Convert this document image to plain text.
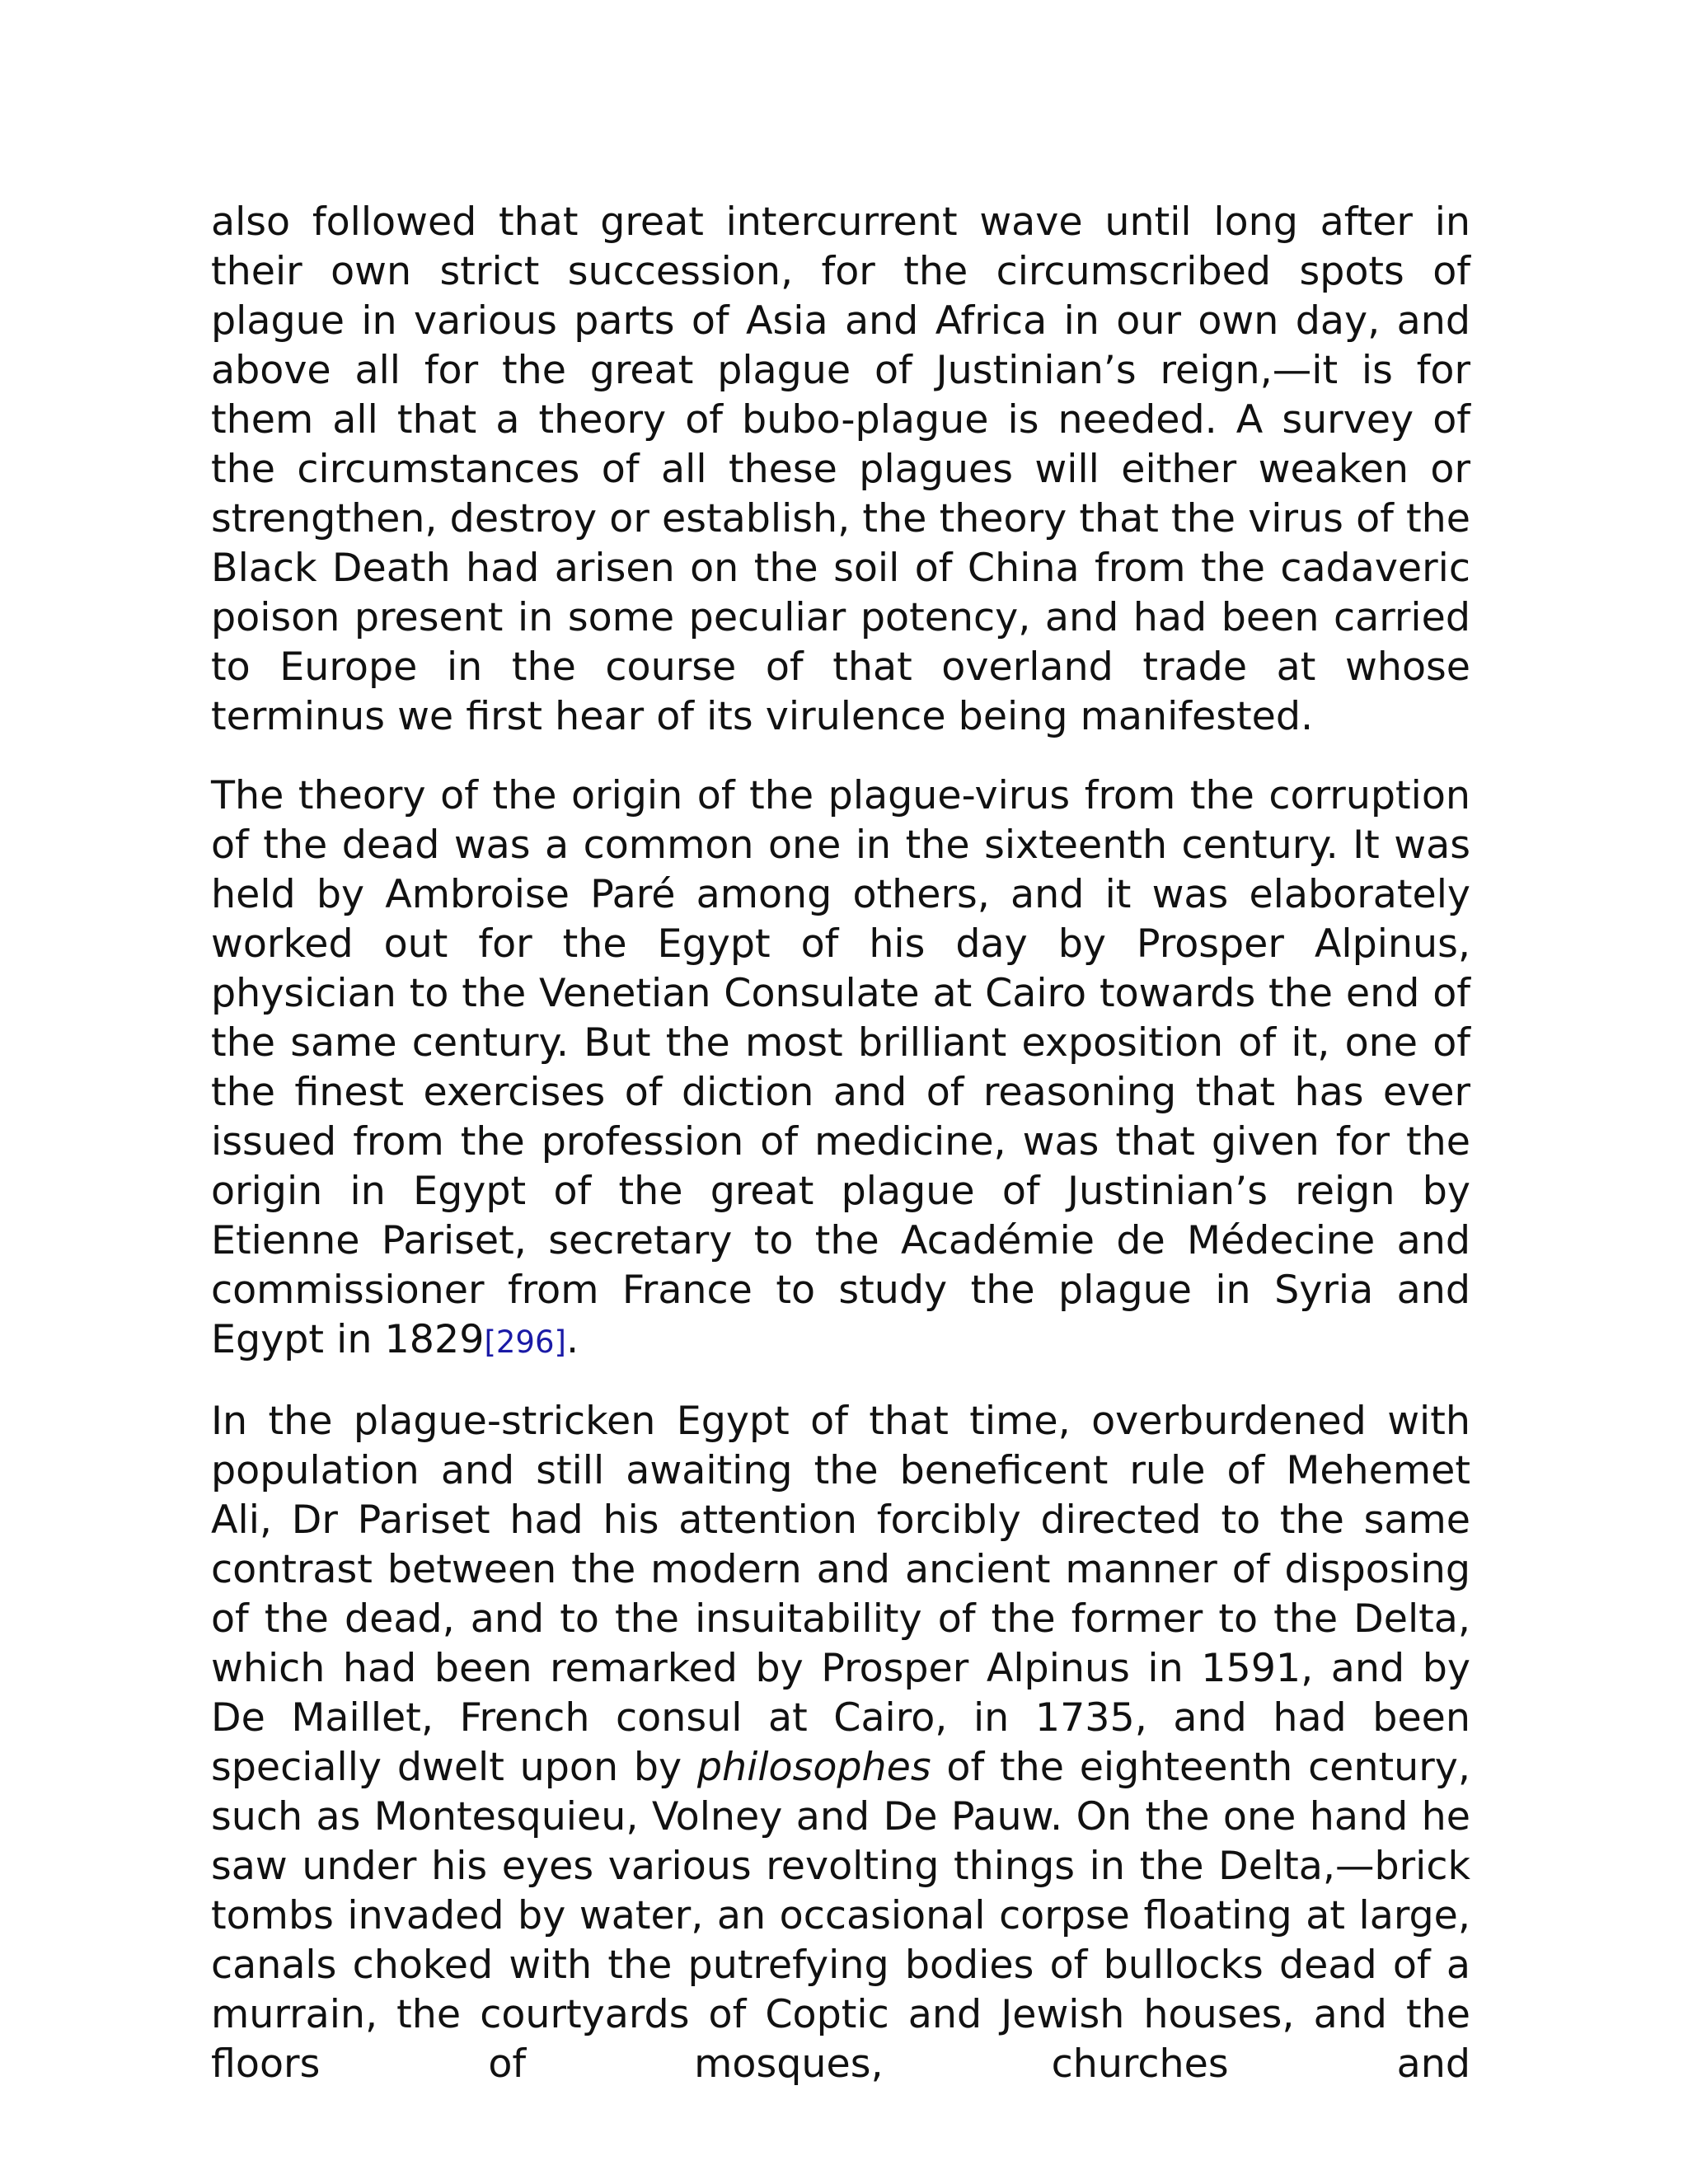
also followed that great intercurrent wave until long after in their own strict succession, for the circumscribed spots of plague in various parts of Asia and Africa in our own day, and above all for the great plague of Justinian’s reign,—it is for them all that a theory of bubo-plague is needed. A survey of the circumstances of all these plagues will either weaken or strengthen, destroy or establish, the theory that the virus of the Black Death had arisen on the soil of China from the cadaveric poison present in some peculiar potency, and had been carried to Europe in the course of that overland trade at whose terminus we first hear of its virulence being manifested.

The theory of the origin of the plague-virus from the corruption of the dead was a common one in the sixteenth century. It was held by Ambroise Paré among others, and it was elaborately worked out for the Egypt of his day by Prosper Alpinus, physician to the Venetian Consulate at Cairo towards the end of the same century. But the most brilliant exposition of it, one of the finest exercises of diction and of reasoning that has ever issued from the profession of medicine, was that given for the origin in Egypt of the great plague of Justinian’s reign by Etienne Pariset, secretary to the Académie de Médecine and commissioner from France to study the plague in Syria and Egypt in 1829[296].

In the plague-stricken Egypt of that time, overburdened with population and still awaiting the beneficent rule of Mehemet Ali, Dr Pariset had his attention forcibly directed to the same contrast between the modern and ancient manner of disposing of the dead, and to the insuitability of the former to the Delta, which had been remarked by Prosper Alpinus in 1591, and by De Maillet, French consul at Cairo, in 1735, and had been specially dwelt upon by philosophes of the eighteenth century, such as Montesquieu, Volney and De Pauw. On the one hand he saw under his eyes various revolting things in the Delta,—brick tombs invaded by water, an occasional corpse floating at large, canals choked with the putrefying bodies of bullocks dead of a murrain, the courtyards of Coptic and Jewish houses, and the floors of mosques, churches and
